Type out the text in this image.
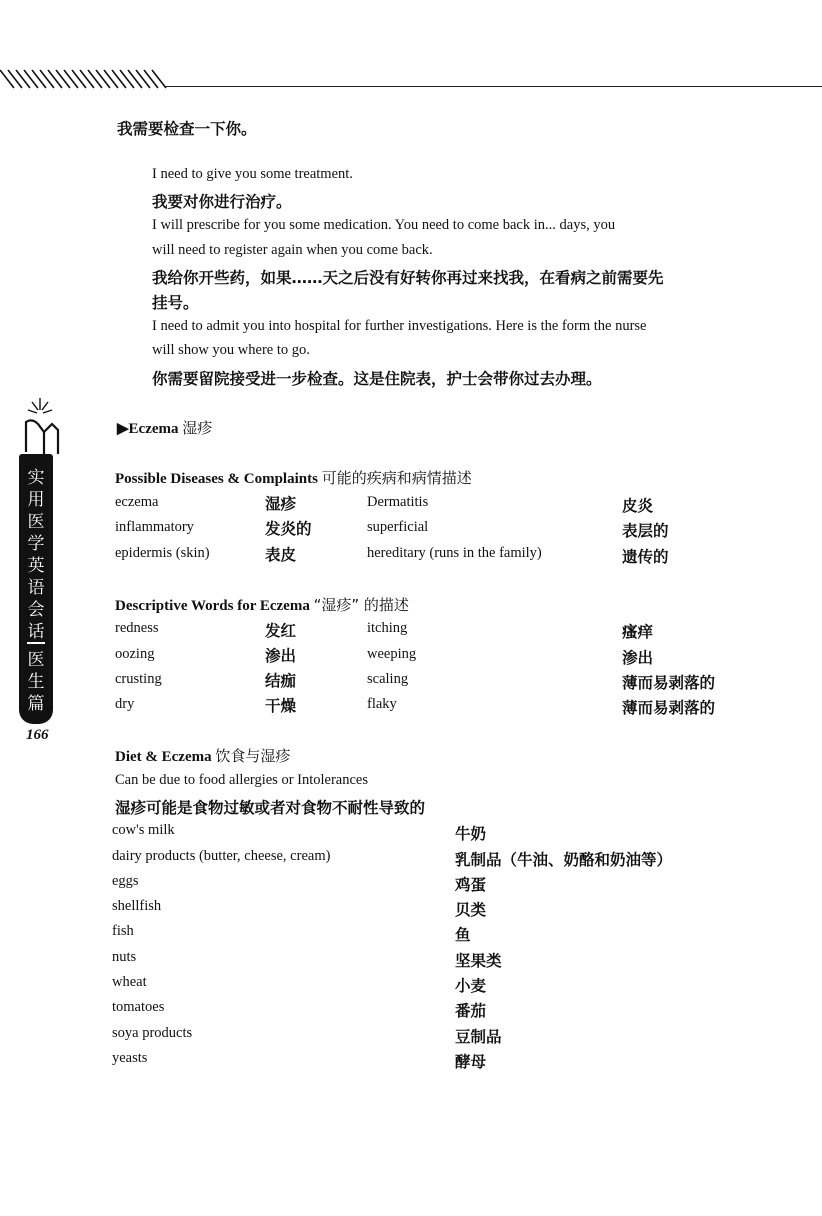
实
用
医
学
英
语
会
话
医
生
篇
166
我需要检查一下你。
I need to give you some treatment.
我要对你进行治疗。
I will prescribe for you some medication. You need to come back in... days, you
will need to register again when you come back.
我给你开些药，如果……天之后没有好转你再过来找我，在看病之前需要先
挂号。
I need to admit you into hospital for further investigations. Here is the form the nurse
will show you where to go.
你需要留院接受进一步检查。这是住院表，护士会带你过去办理。
▶Eczema 湿疹
Possible Diseases & Complaints 可能的疾病和病情描述
eczema	湿疹	Dermatitis	皮炎
inflammatory	发炎的	superficial	表层的
epidermis (skin)	表皮	hereditary (runs in the family)	遗传的
Descriptive Words for Eczema “湿疹” 的描述
redness	发红	itching	瘙痒
oozing	渗出	weeping	渗出
crusting	结痂	scaling	薄而易剥落的
dry	干燥	flaky	薄而易剥落的
Diet & Eczema 饮食与湿疹
Can be due to food allergies or Intolerances
湿疹可能是食物过敏或者对食物不耐性导致的
cow's milk	牛奶
dairy products (butter, cheese, cream)	乳制品（牛油、奶酪和奶油等）
eggs	鸡蛋
shellfish	贝类
fish	鱼
nuts	坚果类
wheat	小麦
tomatoes	番茄
soya products	豆制品
yeasts	酵母
